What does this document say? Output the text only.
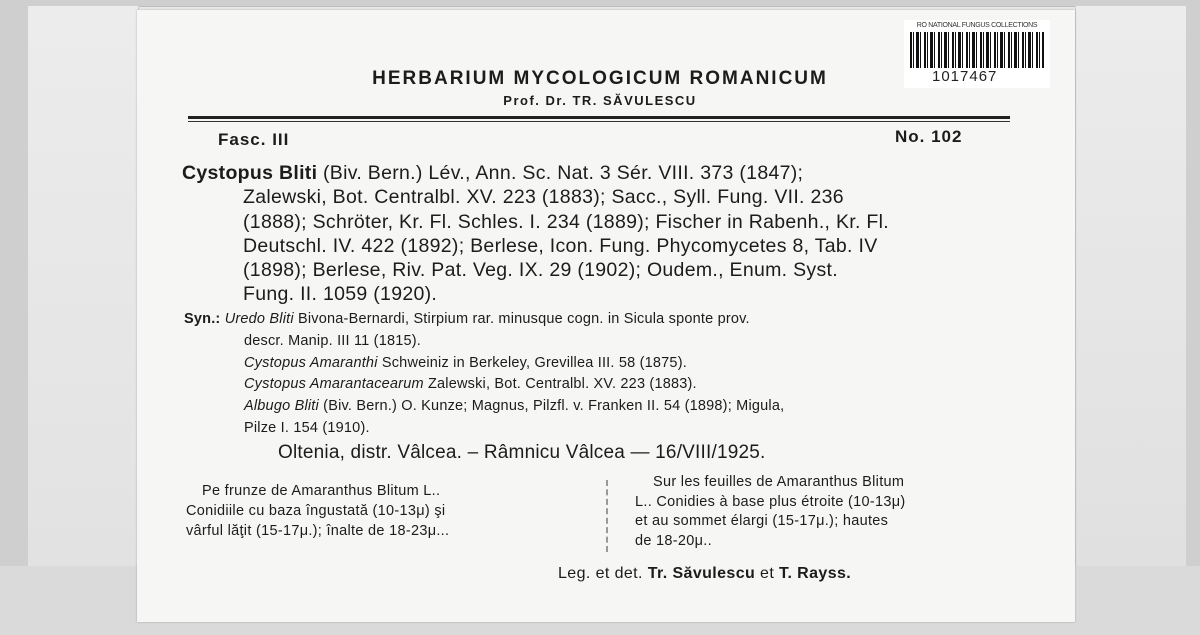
RO NATIONAL FUNGUS COLLECTIONS
1017467
HERBARIUM MYCOLOGICUM ROMANICUM
Prof. Dr. TR. SĂVULESCU
Fasc. III	No. 102
Cystopus Bliti (Biv. Bern.) Lév., Ann. Sc. Nat. 3 Sér. VIII. 373 (1847);
Zalewski, Bot. Centralbl. XV. 223 (1883); Sacc., Syll. Fung. VII. 236
(1888); Schröter, Kr. Fl. Schles. I. 234 (1889); Fischer in Rabenh., Kr. Fl.
Deutschl. IV. 422 (1892); Berlese, Icon. Fung. Phycomycetes 8, Tab. IV
(1898); Berlese, Riv. Pat. Veg. IX. 29 (1902); Oudem., Enum. Syst.
Fung. II. 1059 (1920).
Syn.: Uredo Bliti Bivona-Bernardi, Stirpium rar. minusque cogn. in Sicula sponte prov.
descr. Manip. III 11 (1815).
Cystopus Amaranthi Schweiniz in Berkeley, Grevillea III. 58 (1875).
Cystopus Amarantacearum Zalewski, Bot. Centralbl. XV. 223 (1883).
Albugo Bliti (Biv. Bern.) O. Kunze; Magnus, Pilzfl. v. Franken II. 54 (1898); Migula,
Pilze I. 154 (1910).
Oltenia, distr. Vâlcea. – Râmnicu Vâlcea — 16/VIII/1925.
Pe frunze de Amaranthus Blitum L..
Conidiile cu baza îngustată (10-13μ) şi
vârful lăţit (15-17μ.); înalte de 18-23μ...
Sur les feuilles de Amaranthus Blitum
L.. Conidies à base plus étroite (10-13μ)
et au sommet élargi (15-17μ.); hautes
de 18-20μ..
Leg. et det. Tr. Săvulescu et T. Rayss.
